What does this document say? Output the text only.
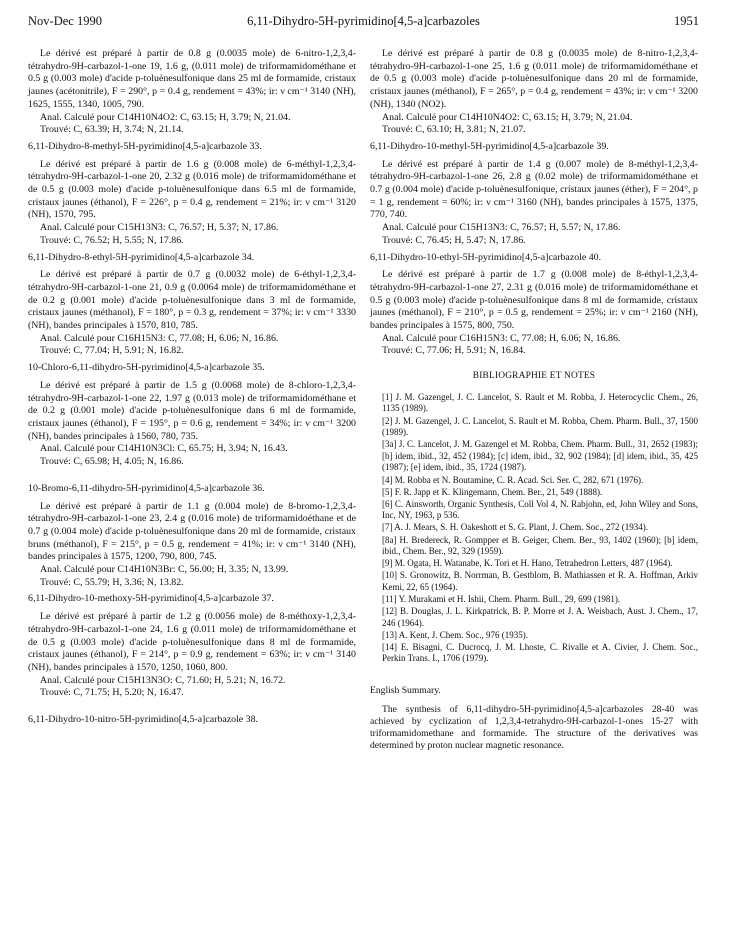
Nov-Dec 1990	6,11-Dihydro-5H-pyrimidino[4,5-a]carbazoles	1951

Le dérivé est préparé à partir de 0.8 g (0.0035 mole) de 6-nitro-1,2,3,4-tétrahydro-9H-carbazol-1-one 19, 1.6 g, (0.011 mole) de triformamidométhane et 0.5 g (0.003 mole) d'acide p-toluènesulfonique dans 25 ml de formamide, cristaux jaunes (acétonitrile), F = 290°, p = 0.4 g, rendement = 43%; ir: ν cm⁻¹ 3140 (NH), 1625, 1555, 1340, 1005, 790.

Anal. Calculé pour C14H10N4O2: C, 63.15; H, 3.79; N, 21.04.

Trouvé: C, 63.39; H, 3.74; N, 21.14.

6,11-Dihydro-8-methyl-5H-pyrimidino[4,5-a]carbazole 33.

Le dérivé est préparé à partir de 1.6 g (0.008 mole) de 6-méthyl-1,2,3,4-tétrahydro-9H-carbazol-1-one 20, 2.32 g (0.016 mole) de triformamidométhane et de 0.5 g (0.003 mole) d'acide p-toluènesulfonique dans 6.5 ml de formamide, cristaux jaunes (éthanol), F = 226°, p = 0.4 g, rendement = 21%; ir: ν cm⁻¹ 3120 (NH), 1570, 795.

Anal. Calculé pour C15H13N3: C, 76.57; H, 5.37; N, 17.86.

Trouvé: C, 76.52; H, 5.55; N, 17.86.

6,11-Dihydro-8-ethyl-5H-pyrimidino[4,5-a]carbazole 34.

Le dérivé est préparé à partir de 0.7 g (0.0032 mole) de 6-éthyl-1,2,3,4-tétrahydro-9H-carbazol-1-one 21, 0.9 g (0.0064 mole) de triformamidométhane et de 0.2 g (0.001 mole) d'acide p-toluènesulfonique dans 3 ml de formamide, cristaux jaunes (méthanol), F = 180°, p = 0.3 g, rendement = 37%; ir: ν cm⁻¹ 3330 (NH), bandes principales à 1570, 810, 785.

Anal. Calculé pour C16H15N3: C, 77.08; H, 6.06; N, 16.86.

Trouvé: C, 77.04; H, 5.91; N, 16.82.

10-Chloro-6,11-dihydro-5H-pyrimidino[4,5-a]carbazole 35.

Le dérivé est préparé à partir de 1.5 g (0.0068 mole) de 8-chloro-1,2,3,4-tétrahydro-9H-carbazol-1-one 22, 1.97 g (0.013 mole) de triformamidométhane et de 0.2 g (0.001 mole) d'acide p-toluènesulfonique dans 6 ml de formamide, cristaux jaunes (éthanol), F = 195°, p = 0.6 g, rendement = 34%; ir: ν cm⁻¹ 3200 (NH), bandes principales à 1560, 780, 735.

Anal. Calculé pour C14H10N3Cl: C, 65.75; H, 3.94; N, 16.43.

Trouvé: C, 65.98; H, 4.05; N, 16.86.

10-Bromo-6,11-dihydro-5H-pyrimidino[4,5-a]carbazole 36.

Le dérivé est préparé à partir de 1.1 g (0.004 mole) de 8-bromo-1,2,3,4-tétrahydro-9H-carbazol-1-one 23, 2.4 g (0.016 mole) de triformamidoéthane et de 0.7 g (0.004 mole) d'acide p-toluènesulfonique dans 20 ml de formamide, cristaux bruns (méthanol), F = 215°, p = 0.5 g, rendement = 41%; ir: ν cm⁻¹ 3140 (NH), bandes principales à 1575, 1200, 790, 800, 745.

Anal. Calculé pour C14H10N3Br: C, 56.00; H, 3.35; N, 13.99.

Trouvé: C, 55.79; H, 3.36; N, 13.82.

6,11-Dihydro-10-methoxy-5H-pyrimidino[4,5-a]carbazole 37.

Le dérivé est préparé à partir de 1.2 g (0.0056 mole) de 8-méthoxy-1,2,3,4-tétrahydro-9H-carbazol-1-one 24, 1.6 g (0.011 mole) de triformamidométhane et de 0.5 g (0.003 mole) d'acide p-toluènesulfonique dans 8 ml de formamide, cristaux jaunes (éthanol), F = 214°, p = 0.9 g, rendement = 63%; ir: ν cm⁻¹ 3140 (NH), bandes principales à 1570, 1250, 1060, 800.

Anal. Calculé pour C15H13N3O: C, 71.60; H, 5.21; N, 16.72.

Trouvé: C, 71.75; H, 5.20; N, 16.47.

6,11-Dihydro-10-nitro-5H-pyrimidino[4,5-a]carbazole 38.

Le dérivé est préparé à partir de 0.8 g (0.0035 mole) de 8-nitro-1,2,3,4-tétrahydro-9H-carbazol-1-one 25, 1.6 g (0.011 mole) de triformamidométhane et de 0.5 g (0.003 mole) d'acide p-toluènesulfonique dans 20 ml de formamide, cristaux jaunes (méthanol), F = 265°, p = 0.4 g, rendement = 43%; ir: ν cm⁻¹ 3200 (NH), 1340 (NO2).

Anal. Calculé pour C14H10N4O2: C, 63.15; H, 3.79; N, 21.04.

Trouvé: C, 63.10; H, 3.81; N, 21.07.

6,11-Dihydro-10-methyl-5H-pyrimidino[4,5-a]carbazole 39.

Le dérivé est préparé à partir de 1.4 g (0.007 mole) de 8-méthyl-1,2,3,4-tétrahydro-9H-carbazol-1-one 26, 2.8 g (0.02 mole) de triformamidométhane et 0.7 g (0.004 mole) d'acide p-toluènesulfonique, cristaux jaunes (éther), F = 204°, p = 1 g, rendement = 60%; ir: ν cm⁻¹ 3160 (NH), bandes principales à 1575, 1375, 770, 740.

Anal. Calculé pour C15H13N3: C, 76.57; H, 5.57; N, 17.86.

Trouvé: C, 76.45; H, 5.47; N, 17.86.

6,11-Dihydro-10-ethyl-5H-pyrimidino[4,5-a]carbazole 40.

Le dérivé est préparé à partir de 1.7 g (0.008 mole) de 8-éthyl-1,2,3,4-tétrahydro-9H-carbazol-1-one 27, 2.31 g (0.016 mole) de triformamidométhane et 0.5 g (0.003 mole) d'acide p-toluènesulfonique dans 8 ml de formamide, cristaux jaunes (méthanol), F = 210°, p = 0.5 g, rendement = 25%; ir: ν cm⁻¹ 2160 (NH), bandes principales à 1575, 800, 750.

Anal. Calculé pour C16H15N3: C, 77.08; H, 6.06; N, 16.86.

Trouvé: C, 77.06; H, 5.91; N, 16.84.

BIBLIOGRAPHIE ET NOTES

[1] J. M. Gazengel, J. C. Lancelot, S. Rault et M. Robba, J. Heterocyclic Chem., 26, 1135 (1989).

[2] J. M. Gazengel, J. C. Lancelot, S. Rault et M. Robba, Chem. Pharm. Bull., 37, 1500 (1989).

[3a] J. C. Lancelot, J. M. Gazengel et M. Robba, Chem. Pharm. Bull., 31, 2652 (1983); [b] idem, ibid., 32, 452 (1984); [c] idem, ibid., 32, 902 (1984); [d] idem, ibid., 35, 425 (1987); [e] idem, ibid., 35, 1724 (1987).

[4] M. Robba et N. Boutamine, C. R. Acad. Sci. Ser. C, 282, 671 (1976).

[5] F. R. Japp et K. Klingemann, Chem. Ber., 21, 549 (1888).

[6] C. Ainsworth, Organic Synthesis, Coll Vol 4, N. Rabjohn, ed, John Wiley and Sons, Inc, NY, 1963, p 536.

[7] A. J. Mears, S. H. Oakeshott et S. G. Plant, J. Chem. Soc., 272 (1934).

[8a] H. Bredereck, R. Gompper et B. Geiger, Chem. Ber., 93, 1402 (1960); [b] idem, ibid., Chem. Ber., 92, 329 (1959).

[9] M. Ogata, H. Watanabe, K. Tori et H. Hano, Tetrahedron Letters, 487 (1964).

[10] S. Gronowitz, B. Norrman, B. Gestblom, B. Mathiassen et R. A. Hoffman, Arkiv Kemi, 22, 65 (1964).

[11] Y. Murakami et H. Ishii, Chem. Pharm. Bull., 29, 699 (1981).

[12] B. Douglas, J. L. Kirkpatrick, B. P. Morre et J. A. Weisbach, Aust. J. Chem., 17, 246 (1964).

[13] A. Kent, J. Chem. Soc., 976 (1935).

[14] E. Bisagni, C. Ducrocq, J. M. Lhoste, C. Rivalle et A. Civier, J. Chem. Soc., Perkin Trans. I., 1706 (1979).

English Summary.

The synthesis of 6,11-dihydro-5H-pyrimidino[4,5-a]carbazoles 28-40 was achieved by cyclization of 1,2,3,4-tetrahydro-9H-carbazol-1-ones 15-27 with triformamidomethane and formamide. The structure of the derivatives was determined by proton nuclear magnetic resonance.
